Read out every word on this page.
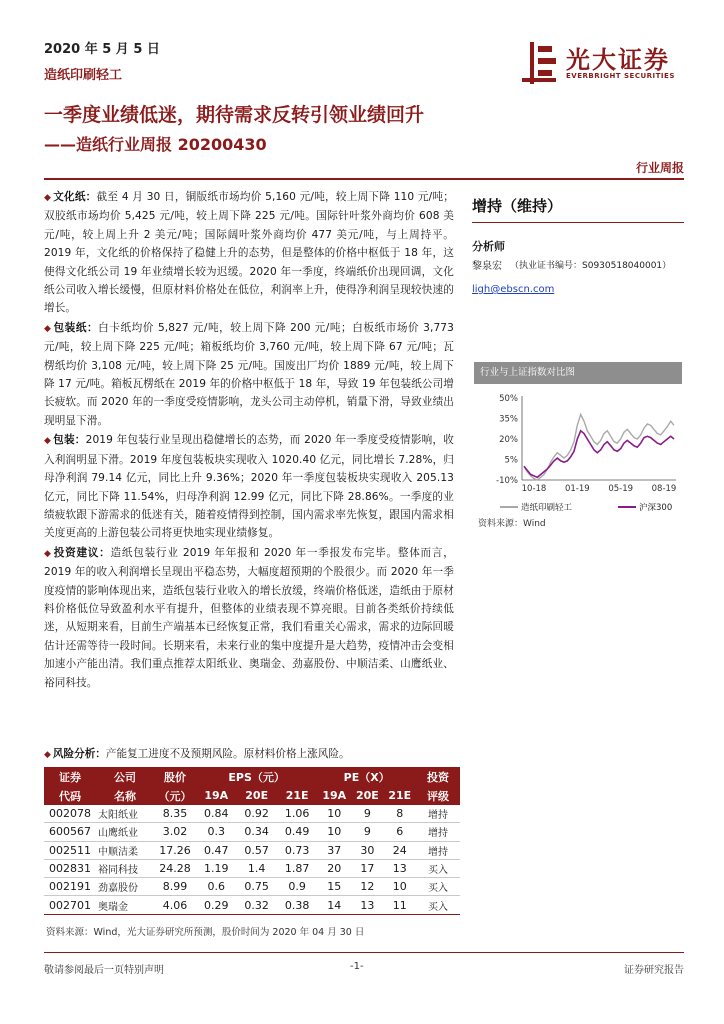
2020 年 5 月 5 日
造纸印刷轻工
光大证券
EVERBRIGHT SECURITIES
一季度业绩低迷，期待需求反转引领业绩回升
——造纸行业周报 20200430
行业周报

◆ 文化纸：截至 4 月 30 日，铜版纸市场均价 5,160 元/吨，较上周下降 110 元/吨；双胶纸市场均价 5,425 元/吨，较上周下降 225 元/吨。国际针叶浆外商均价 608 美元/吨，较上周上升 2 美元/吨；国际阔叶浆外商均价 477 美元/吨，与上周持平。2019 年，文化纸的价格保持了稳健上升的态势，但是整体的价格中枢低于 18 年，这使得文化纸公司 19 年业绩增长较为迟缓。2020 年一季度，终端纸价出现回调，文化纸公司收入增长缓慢，但原材料价格处在低位，利润率上升，使得净利润呈现较快速的增长。

◆ 包装纸：白卡纸均价 5,827 元/吨，较上周下降 200 元/吨；白板纸市场价 3,773 元/吨，较上周下降 225 元/吨；箱板纸均价 3,760 元/吨，较上周下降 67 元/吨；瓦楞纸均价 3,108 元/吨，较上周下降 25 元/吨。国废出厂均价 1889 元/吨，较上周下降 17 元/吨。箱板瓦楞纸在 2019 年的价格中枢低于 18 年，导致 19 年包装纸公司增长疲软。而 2020 年的一季度受疫情影响，龙头公司主动停机，销量下滑，导致业绩出现明显下滑。

◆ 包装：2019 年包装行业呈现出稳健增长的态势，而 2020 年一季度受疫情影响，收入利润明显下滑。2019 年度包装板块实现收入 1020.40 亿元，同比增长 7.28%，归母净利润 79.14 亿元，同比上升 9.36%；2020 年一季度包装板块实现收入 205.13 亿元，同比下降 11.54%，归母净利润 12.99 亿元，同比下降 28.86%。一季度的业绩疲软跟下游需求的低迷有关，随着疫情得到控制，国内需求率先恢复，跟国内需求相关度更高的上游包装公司将更快地实现业绩修复。

◆ 投资建议：造纸包装行业 2019 年年报和 2020 年一季报发布完毕。整体而言，2019 年的收入利润增长呈现出平稳态势，大幅度超预期的个股很少。而 2020 年一季度疫情的影响体现出来，造纸包装行业收入的增长放缓，终端价格低迷，造纸由于原材料价格低位导致盈利水平有提升，但整体的业绩表现不算亮眼。目前各类纸价持续低迷，从短期来看，目前生产端基本已经恢复正常，我们看重关心需求，需求的边际回暖估计还需等待一段时间。长期来看，未来行业的集中度提升是大趋势，疫情冲击会变相加速小产能出清。我们重点推荐太阳纸业、奥瑞金、劲嘉股份、中顺洁柔、山鹰纸业、裕同科技。

◆ 风险分析：产能复工进度不及预期风险。原材料价格上涨风险。
增持（维持）
分析师
黎泉宏 （执业证书编号：S0930518040001）
ligh@ebscn.com
行业与上证指数对比图
50%
35%
20%
5%
-10%
10-18 01-19 05-19 08-19
造纸印刷轻工	沪深300
资料来源：Wind
证券	公司	股价	EPS（元）			PE（X）			投资
代码	名称	（元）	19A	20E	21E	19A	20E	21E	评级
002078	太阳纸业	8.35	0.84	0.92	1.06	10	9	8	增持
600567	山鹰纸业	3.02	0.3	0.34	0.49	10	9	6	增持
002511	中顺洁柔	17.26	0.47	0.57	0.73	37	30	24	增持
002831	裕同科技	24.28	1.19	1.4	1.87	20	17	13	买入
002191	劲嘉股份	8.99	0.6	0.75	0.9	15	12	10	买入
002701	奥瑞金	4.06	0.29	0.32	0.38	14	13	11	买入
资料来源：Wind，光大证券研究所预测，股价时间为 2020 年 04 月 30 日
敬请参阅最后一页特别声明	-1-	证券研究报告
